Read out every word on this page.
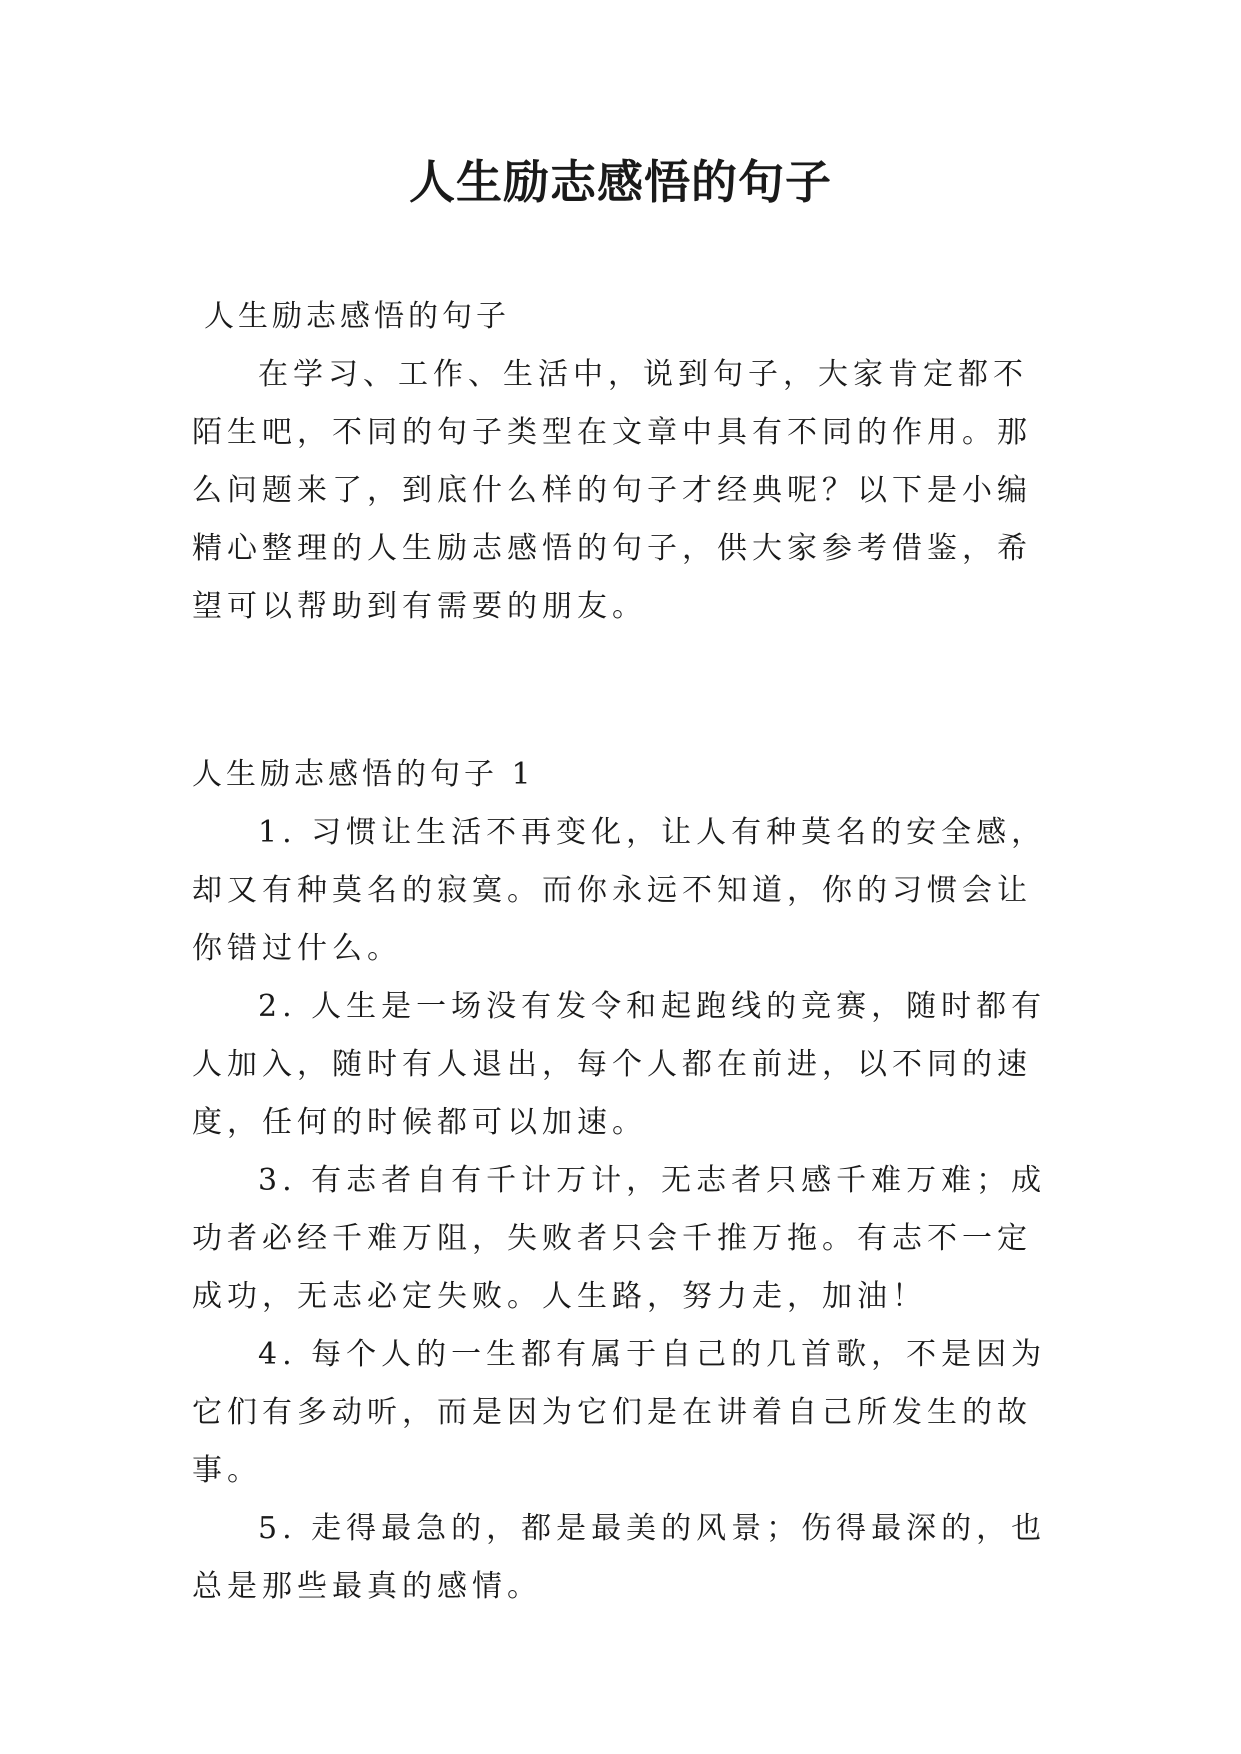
人生励志感悟的句子

人生励志感悟的句子

在学习、工作、生活中，说到句子，大家肯定都不陌生吧，不同的句子类型在文章中具有不同的作用。那么问题来了，到底什么样的句子才经典呢？以下是小编精心整理的人生励志感悟的句子，供大家参考借鉴，希望可以帮助到有需要的朋友。

人生励志感悟的句子 1

1. 习惯让生活不再变化，让人有种莫名的安全感，却又有种莫名的寂寞。而你永远不知道，你的习惯会让你错过什么。
2. 人生是一场没有发令和起跑线的竞赛，随时都有人加入，随时有人退出，每个人都在前进，以不同的速度，任何的时候都可以加速。
3. 有志者自有千计万计，无志者只感千难万难；成功者必经千难万阻，失败者只会千推万拖。有志不一定成功，无志必定失败。人生路，努力走，加油！
4. 每个人的一生都有属于自己的几首歌，不是因为它们有多动听，而是因为它们是在讲着自己所发生的故事。
5. 走得最急的，都是最美的风景；伤得最深的，也总是那些最真的感情。
